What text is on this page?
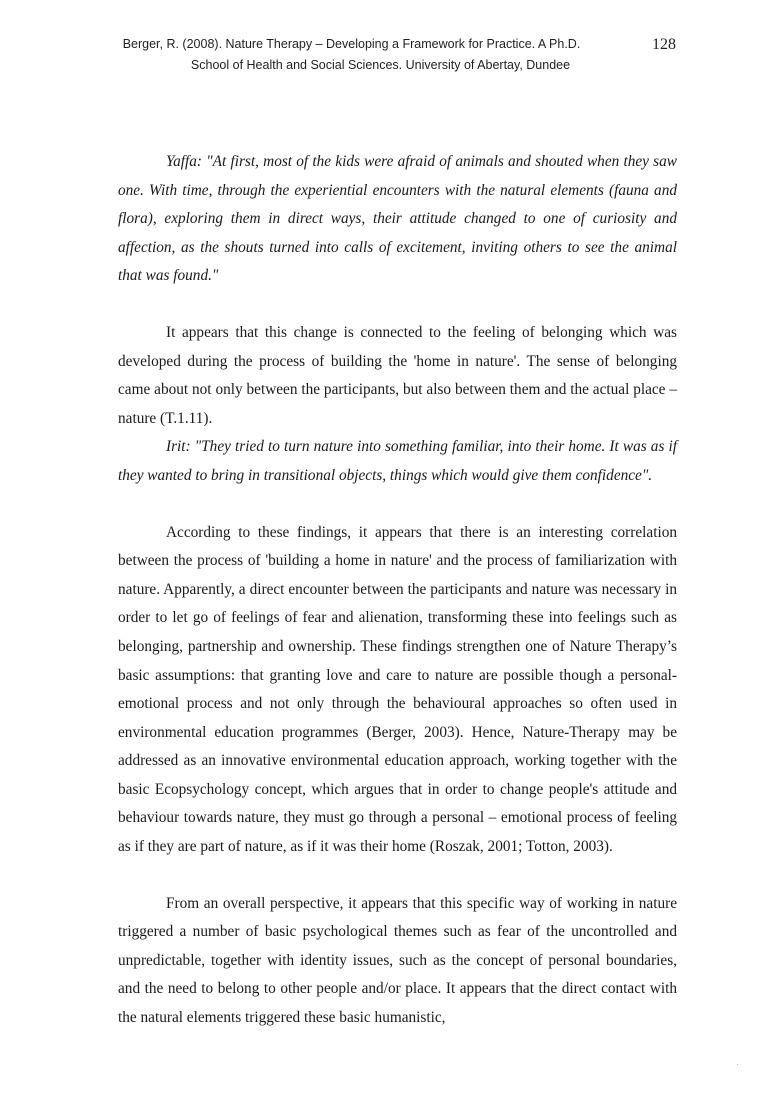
Berger, R. (2008). Nature Therapy – Developing a Framework for Practice. A Ph.D.
School of Health and Social Sciences. University of Abertay, Dundee
128

Yaffa: "At first, most of the kids were afraid of animals and shouted when they saw one. With time, through the experiential encounters with the natural elements (fauna and flora), exploring them in direct ways, their attitude changed to one of curiosity and affection, as the shouts turned into calls of excitement, inviting others to see the animal that was found."

It appears that this change is connected to the feeling of belonging which was developed during the process of building the 'home in nature'. The sense of belonging came about not only between the participants, but also between them and the actual place – nature (T.1.11).

Irit: "They tried to turn nature into something familiar, into their home. It was as if they wanted to bring in transitional objects, things which would give them confidence".

According to these findings, it appears that there is an interesting correlation between the process of 'building a home in nature' and the process of familiarization with nature. Apparently, a direct encounter between the participants and nature was necessary in order to let go of feelings of fear and alienation, transforming these into feelings such as belonging, partnership and ownership. These findings strengthen one of Nature Therapy’s basic assumptions: that granting love and care to nature are possible though a personal-emotional process and not only through the behavioural approaches so often used in environmental education programmes (Berger, 2003). Hence, Nature-Therapy may be addressed as an innovative environmental education approach, working together with the basic Ecopsychology concept, which argues that in order to change people's attitude and behaviour towards nature, they must go through a personal – emotional process of feeling as if they are part of nature, as if it was their home (Roszak, 2001; Totton, 2003).

From an overall perspective, it appears that this specific way of working in nature triggered a number of basic psychological themes such as fear of the uncontrolled and unpredictable, together with identity issues, such as the concept of personal boundaries, and the need to belong to other people and/or place. It appears that the direct contact with the natural elements triggered these basic humanistic,
